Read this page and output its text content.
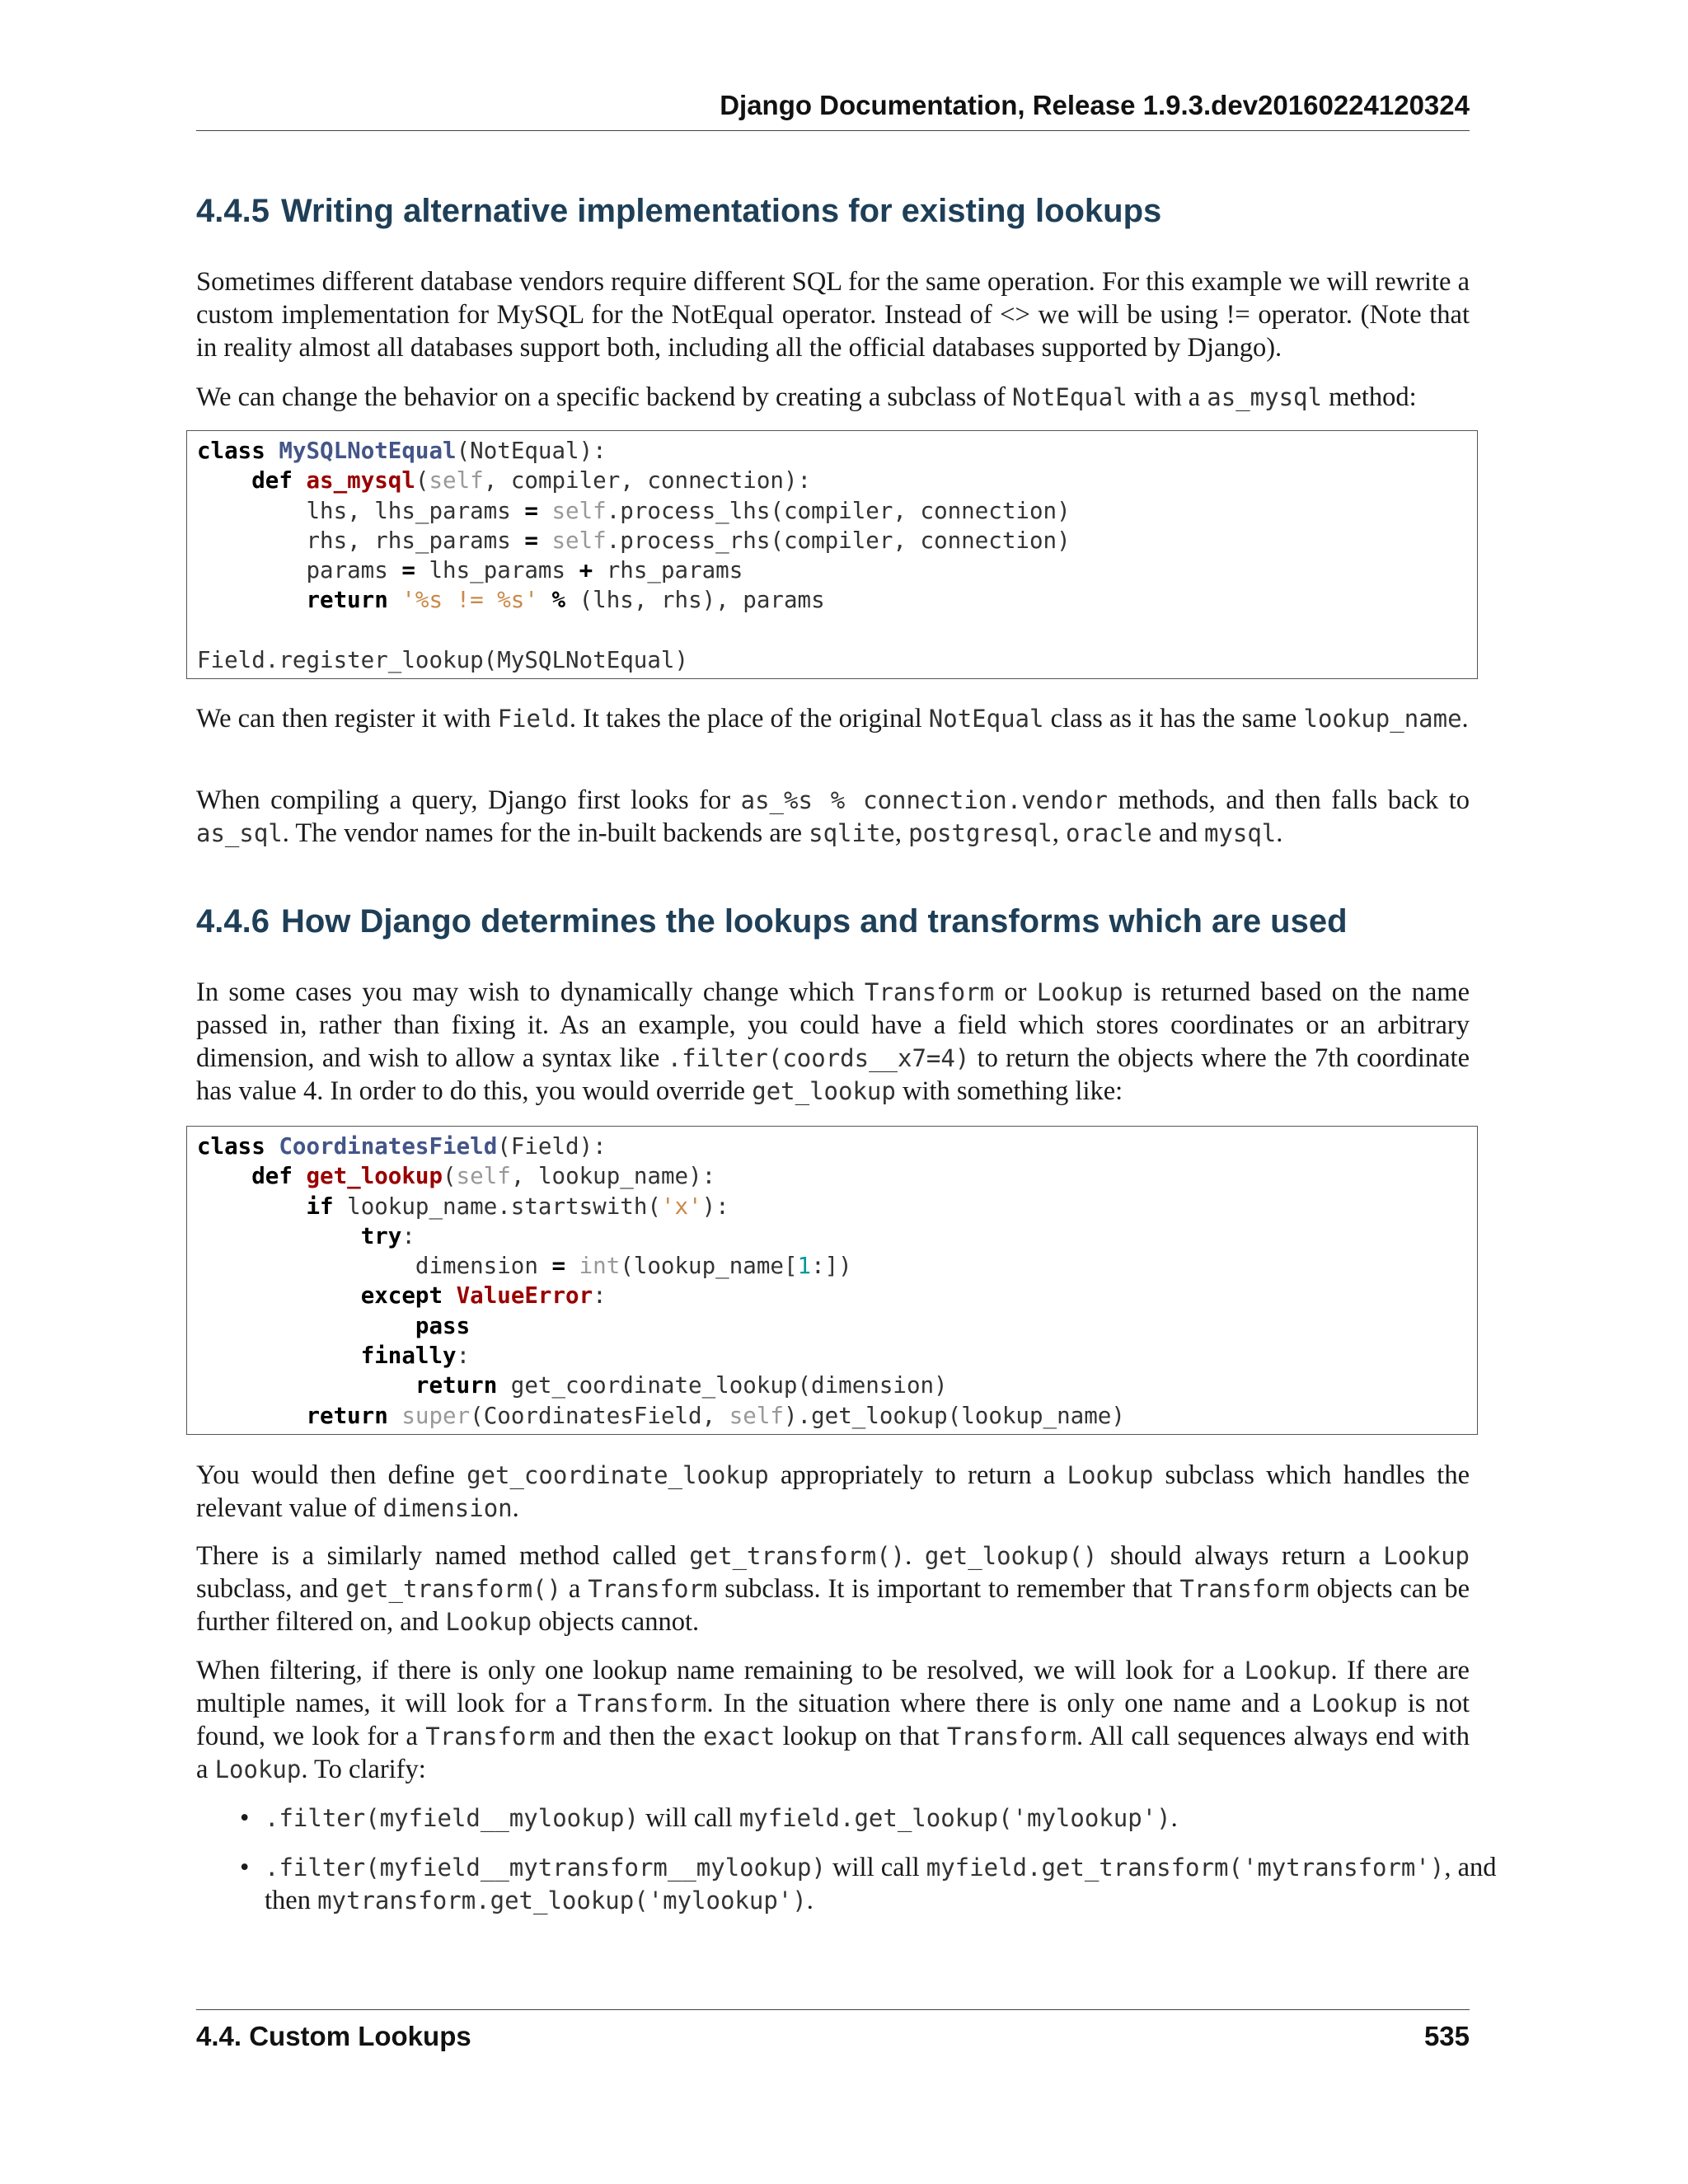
Django Documentation, Release 1.9.3.dev20160224120324
4.4.5 Writing alternative implementations for existing lookups

Sometimes different database vendors require different SQL for the same operation. For this example we will rewrite a custom implementation for MySQL for the NotEqual operator. Instead of <> we will be using != operator. (Note that in reality almost all databases support both, including all the official databases supported by Django).

We can change the behavior on a specific backend by creating a subclass of NotEqual with a as_mysql method:

class MySQLNotEqual(NotEqual):
def as_mysql(self, compiler, connection):
lhs, lhs_params = self.process_lhs(compiler, connection)
rhs, rhs_params = self.process_rhs(compiler, connection)
params = lhs_params + rhs_params
return '%s != %s' % (lhs, rhs), params

Field.register_lookup(MySQLNotEqual)

We can then register it with Field. It takes the place of the original NotEqual class as it has the same lookup_name.

When compiling a query, Django first looks for as_%s % connection.vendor methods, and then falls back to as_sql. The vendor names for the in-built backends are sqlite, postgresql, oracle and mysql.

4.4.6 How Django determines the lookups and transforms which are used

In some cases you may wish to dynamically change which Transform or Lookup is returned based on the name passed in, rather than fixing it. As an example, you could have a field which stores coordinates or an arbitrary dimension, and wish to allow a syntax like .filter(coords__x7=4) to return the objects where the 7th coordinate has value 4. In order to do this, you would override get_lookup with something like:

class CoordinatesField(Field):
def get_lookup(self, lookup_name):
if lookup_name.startswith('x'):
try:
dimension = int(lookup_name[1:])
except ValueError:
pass
finally:
return get_coordinate_lookup(dimension)
return super(CoordinatesField, self).get_lookup(lookup_name)

You would then define get_coordinate_lookup appropriately to return a Lookup subclass which handles the relevant value of dimension.

There is a similarly named method called get_transform(). get_lookup() should always return a Lookup subclass, and get_transform() a Transform subclass. It is important to remember that Transform objects can be further filtered on, and Lookup objects cannot.

When filtering, if there is only one lookup name remaining to be resolved, we will look for a Lookup. If there are multiple names, it will look for a Transform. In the situation where there is only one name and a Lookup is not found, we look for a Transform and then the exact lookup on that Transform. All call sequences always end with a Lookup. To clarify:

• .filter(myfield__mylookup) will call myfield.get_lookup('mylookup').
• .filter(myfield__mytransform__mylookup) will call myfield.get_transform('mytransform'), and then mytransform.get_lookup('mylookup').
4.4. Custom Lookups	535
